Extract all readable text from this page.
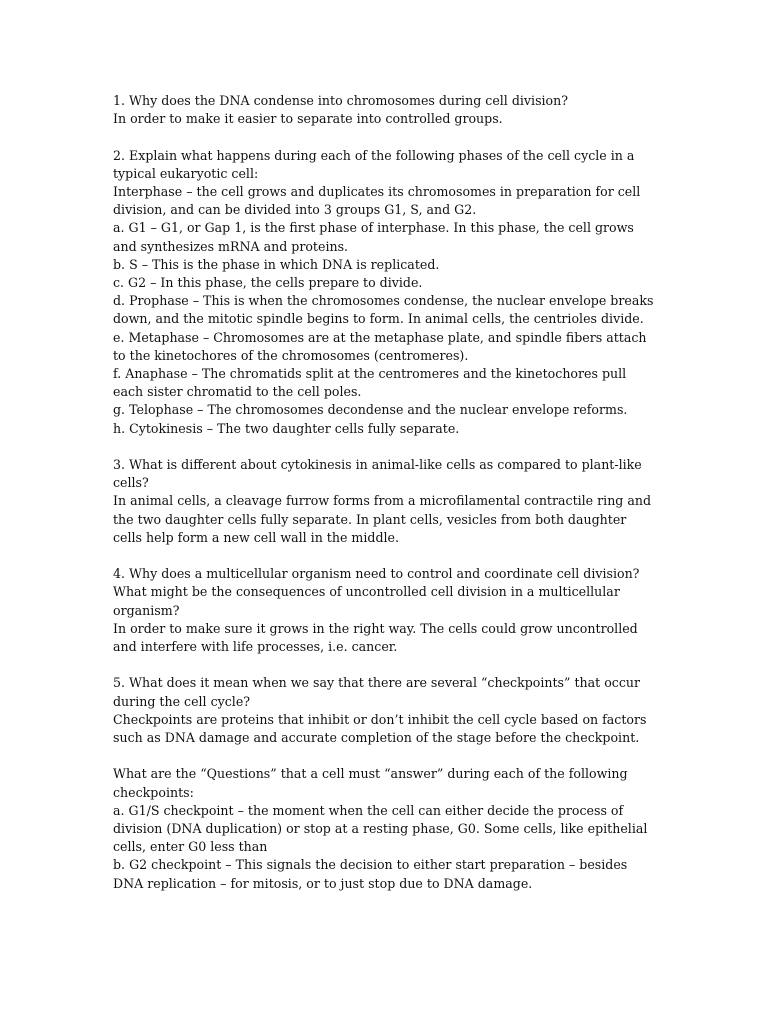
1. Why does the DNA condense into chromosomes during cell division?
In order to make it easier to separate into controlled groups.
2. Explain what happens during each of the following phases of the cell cycle in a typical eukaryotic cell:
Interphase – the cell grows and duplicates its chromosomes in preparation for cell division, and can be divided into 3 groups G1, S, and G2.
a. G1 – G1, or Gap 1, is the first phase of interphase. In this phase, the cell grows and synthesizes mRNA and proteins.
b. S – This is the phase in which DNA is replicated.
c. G2 – In this phase, the cells prepare to divide.
d. Prophase – This is when the chromosomes condense, the nuclear envelope breaks down, and the mitotic spindle begins to form. In animal cells, the centrioles divide.
e. Metaphase – Chromosomes are at the metaphase plate, and spindle fibers attach to the kinetochores of the chromosomes (centromeres).
f. Anaphase – The chromatids split at the centromeres and the kinetochores pull each sister chromatid to the cell poles.
g. Telophase – The chromosomes decondense and the nuclear envelope reforms.
h. Cytokinesis – The two daughter cells fully separate.
3. What is different about cytokinesis in animal-like cells as compared to plant-like cells?
In animal cells, a cleavage furrow forms from a microfilamental contractile ring and the two daughter cells fully separate. In plant cells, vesicles from both daughter cells help form a new cell wall in the middle.
4. Why does a multicellular organism need to control and coordinate cell division? What might be the consequences of uncontrolled cell division in a multicellular organism?
In order to make sure it grows in the right way. The cells could grow uncontrolled and interfere with life processes, i.e. cancer.
5. What does it mean when we say that there are several “checkpoints” that occur during the cell cycle?
Checkpoints are proteins that inhibit or don’t inhibit the cell cycle based on factors such as DNA damage and accurate completion of the stage before the checkpoint.
What are the “Questions” that a cell must “answer” during each of the following checkpoints:
a. G1/S checkpoint – the moment when the cell can either decide the process of division (DNA duplication) or stop at a resting phase, G0. Some cells, like epithelial cells, enter G0 less than
b. G2 checkpoint – This signals the decision to either start preparation – besides DNA replication – for mitosis, or to just stop due to DNA damage.
